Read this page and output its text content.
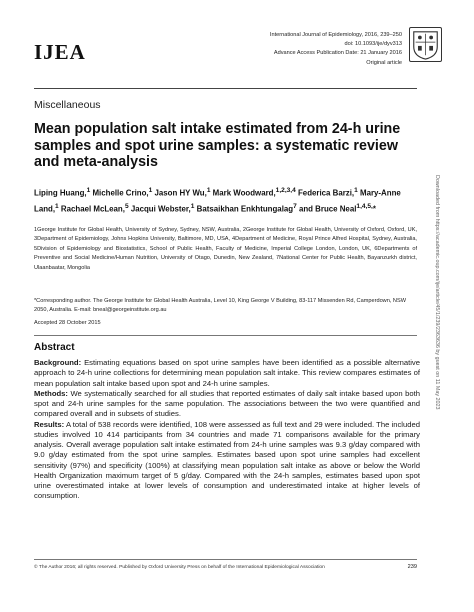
IJEA
International Journal of Epidemiology, 2016, 239–250
doi: 10.1093/ije/dyv313
Advance Access Publication Date: 21 January 2016
Original article
Downloaded from https://academic.oup.com/ije/article/45/1/239/2363636 by guest on 11 May 2023
Miscellaneous
Mean population salt intake estimated from 24-h urine samples and spot urine samples: a systematic review and meta-analysis
Liping Huang,$^1$ Michelle Crino,$^1$ Jason HY Wu,$^1$ Mark Woodward,$^{1,2,3,4}$ Federica Barzi,$^1$ Mary-Anne Land,$^1$ Rachael McLean,$^5$ Jacqui Webster,$^1$ Batsaikhan Enkhtungalag$^7$ and Bruce Neal$^{1,4,5,}$*
1George Institute for Global Health, University of Sydney, Sydney, NSW, Australia, 2George Institute for Global Health, University of Oxford, Oxford, UK, 3Department of Epidemiology, Johns Hopkins University, Baltimore, MD, USA, 4Department of Medicine, Royal Prince Alfred Hospital, Sydney, Australia, 5Division of Epidemiology and Biostatistics, School of Public Health, Faculty of Medicine, Imperial College London, London, UK, 6Departments of Preventive and Social Medicine/Human Nutrition, University of Otago, Dunedin, New Zealand, 7National Center for Public Health, Bayanzurkh district, Ulaanbaatar, Mongolia
*Corresponding author. The George Institute for Global Health Australia, Level 10, King George V Building, 83-117 Missenden Rd, Camperdown, NSW 2050, Australia. E-mail: bneal@georgeinstitute.org.au
Accepted 28 October 2015
Abstract

Background: Estimating equations based on spot urine samples have been identified as a possible alternative approach to 24-h urine collections for determining mean population salt intake. This review compares estimates of mean population salt intake based upon spot and 24-h urine samples.

Methods: We systematically searched for all studies that reported estimates of daily salt intake based upon both spot and 24-h urine samples for the same population. The associations between the two were quantified and compared overall and in subsets of studies.

Results: A total of 538 records were identified, 108 were assessed as full text and 29 were included. The included studies involved 10 414 participants from 34 countries and made 71 comparisons available for the primary analysis. Overall average population salt intake estimated from 24-h urine samples was 9.3 g/day compared with 9.0 g/day estimated from the spot urine samples. Estimates based upon spot urine samples had excellent sensitivity (97%) and specificity (100%) at classifying mean population salt intake as above or below the World Health Organization maximum target of 5 g/day. Compared with the 24-h samples, estimates based upon spot urine overestimated intake at lower levels of consumption and underestimated intake at higher levels of consumption.

© The Author 2016; all rights reserved. Published by Oxford University Press on behalf of the International Epidemiological Association	239
